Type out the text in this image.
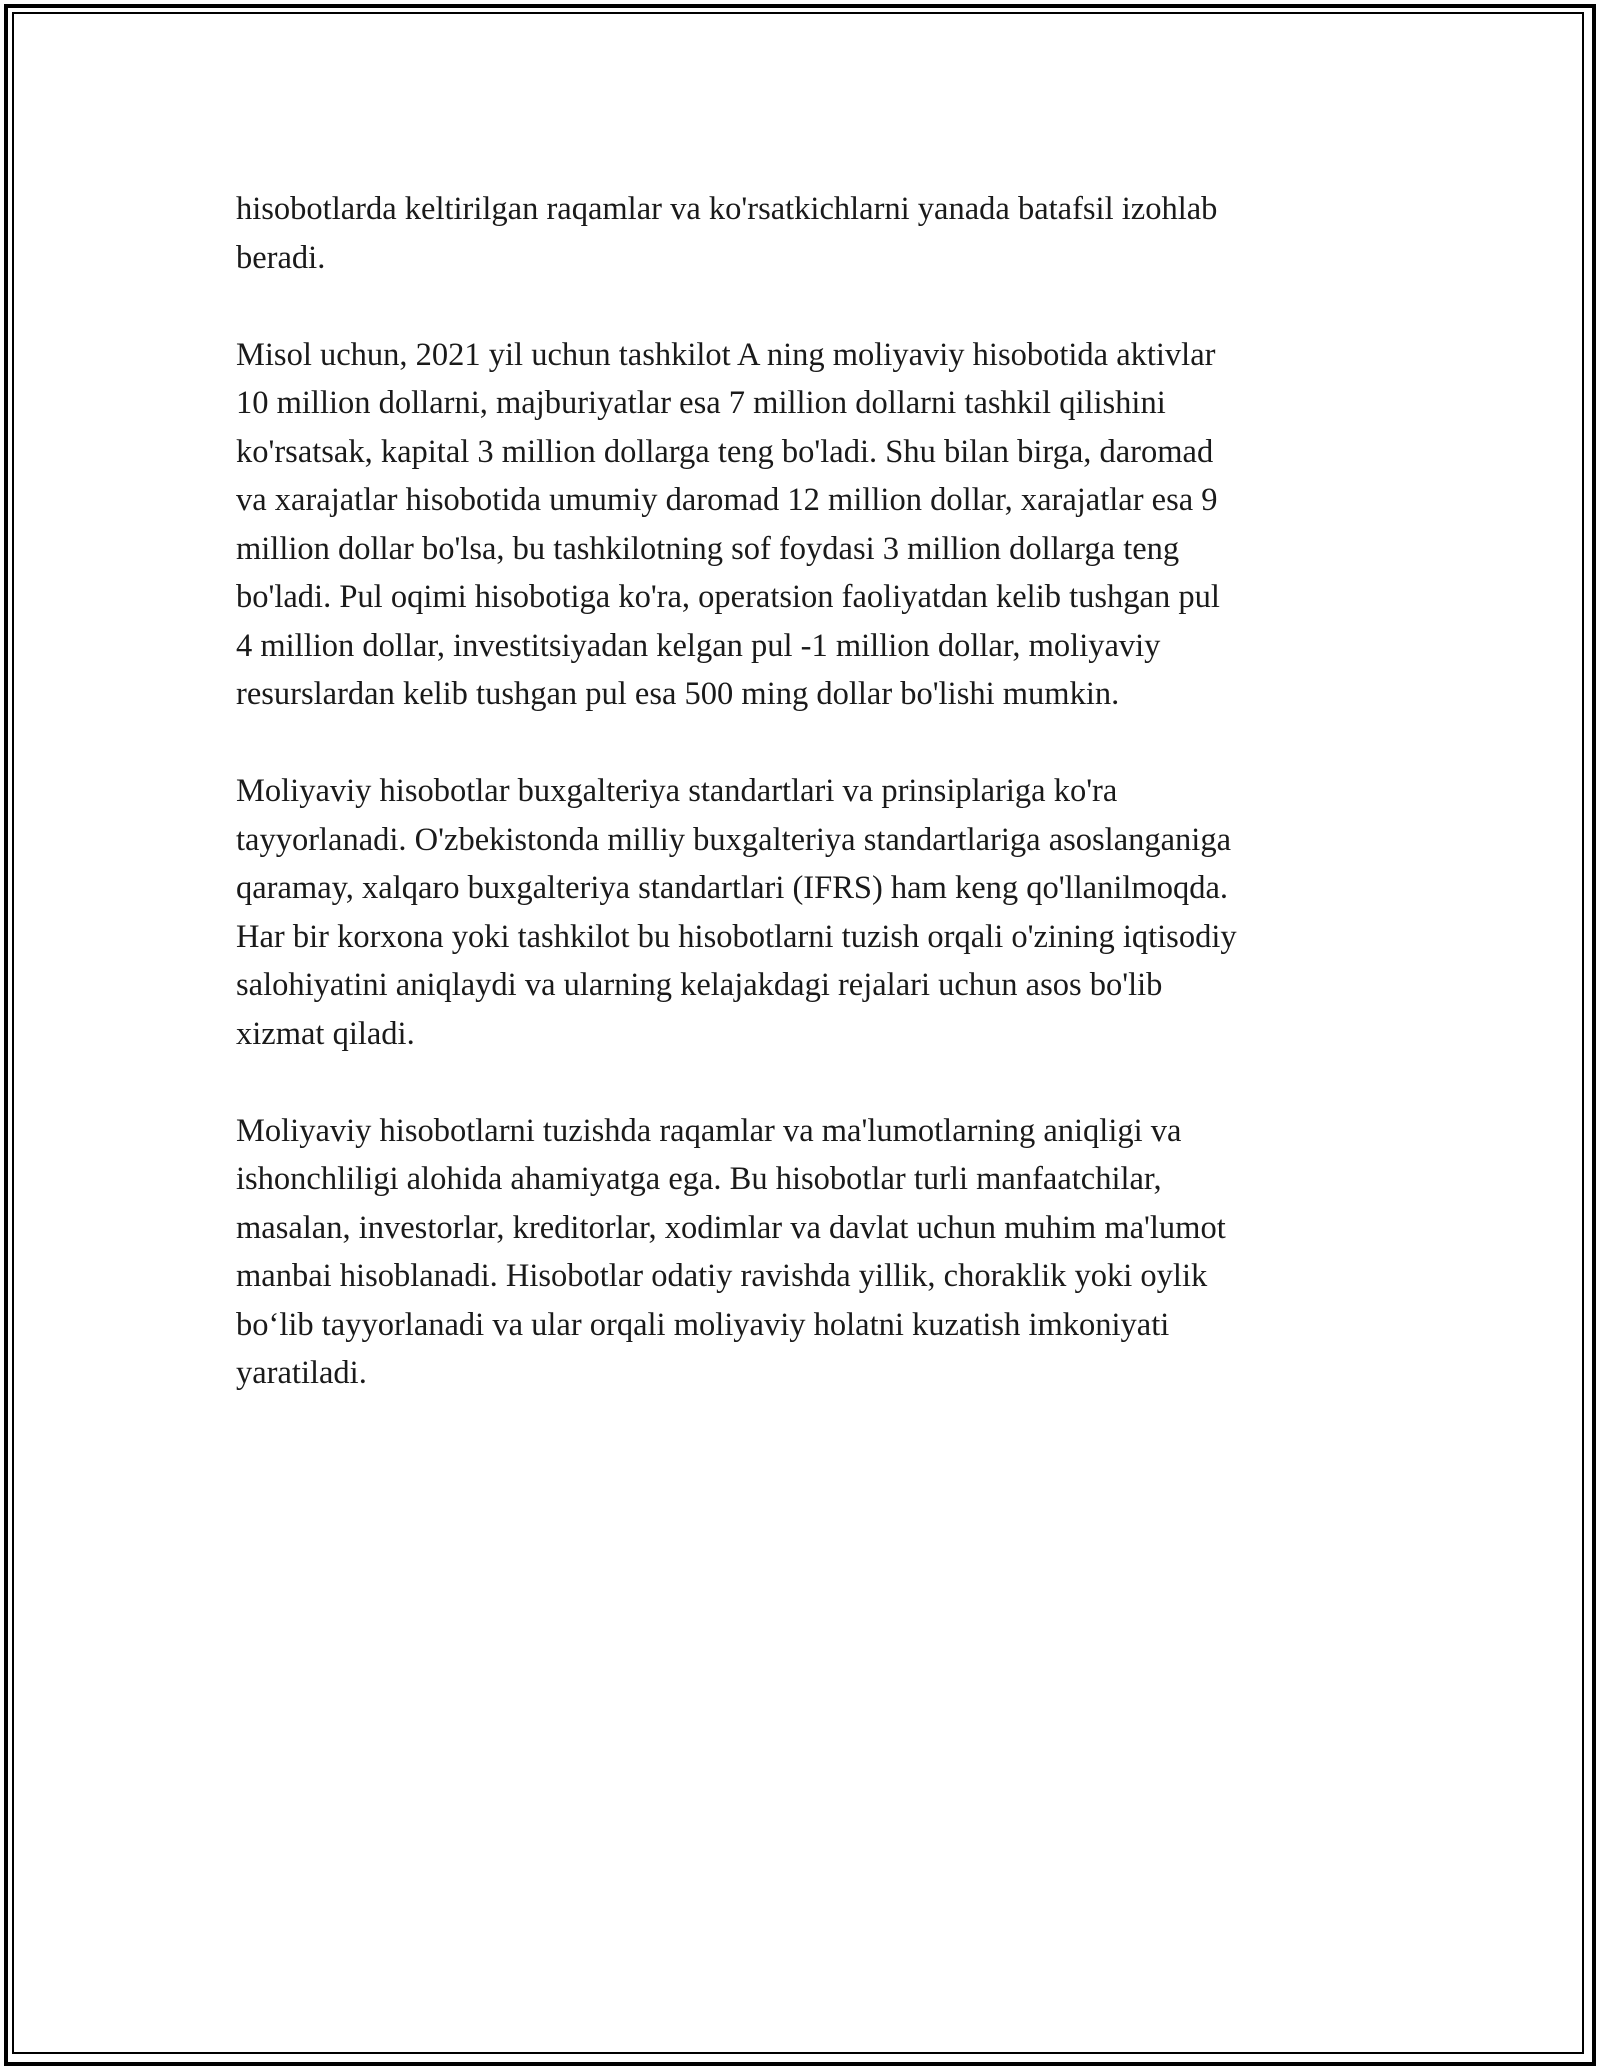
hisobotlarda keltirilgan raqamlar va ko'rsatkichlarni yanada batafsil izohlab
beradi.

Misol uchun, 2021 yil uchun tashkilot A ning moliyaviy hisobotida aktivlar
10 million dollarni, majburiyatlar esa 7 million dollarni tashkil qilishini
ko'rsatsak, kapital 3 million dollarga teng bo'ladi. Shu bilan birga, daromad
va xarajatlar hisobotida umumiy daromad 12 million dollar, xarajatlar esa 9
million dollar bo'lsa, bu tashkilotning sof foydasi 3 million dollarga teng
bo'ladi. Pul oqimi hisobotiga ko'ra, operatsion faoliyatdan kelib tushgan pul
4 million dollar, investitsiyadan kelgan pul -1 million dollar, moliyaviy
resurslardan kelib tushgan pul esa 500 ming dollar bo'lishi mumkin.

Moliyaviy hisobotlar buxgalteriya standartlari va prinsiplariga ko'ra
tayyorlanadi. O'zbekistonda milliy buxgalteriya standartlariga asoslanganiga
qaramay, xalqaro buxgalteriya standartlari (IFRS) ham keng qo'llanilmoqda.
Har bir korxona yoki tashkilot bu hisobotlarni tuzish orqali o'zining iqtisodiy
salohiyatini aniqlaydi va ularning kelajakdagi rejalari uchun asos bo'lib
xizmat qiladi.

Moliyaviy hisobotlarni tuzishda raqamlar va ma'lumotlarning aniqligi va
ishonchliligi alohida ahamiyatga ega. Bu hisobotlar turli manfaatchilar,
masalan, investorlar, kreditorlar, xodimlar va davlat uchun muhim ma'lumot
manbai hisoblanadi. Hisobotlar odatiy ravishda yillik, choraklik yoki oylik
bo‘lib tayyorlanadi va ular orqali moliyaviy holatni kuzatish imkoniyati
yaratiladi.
